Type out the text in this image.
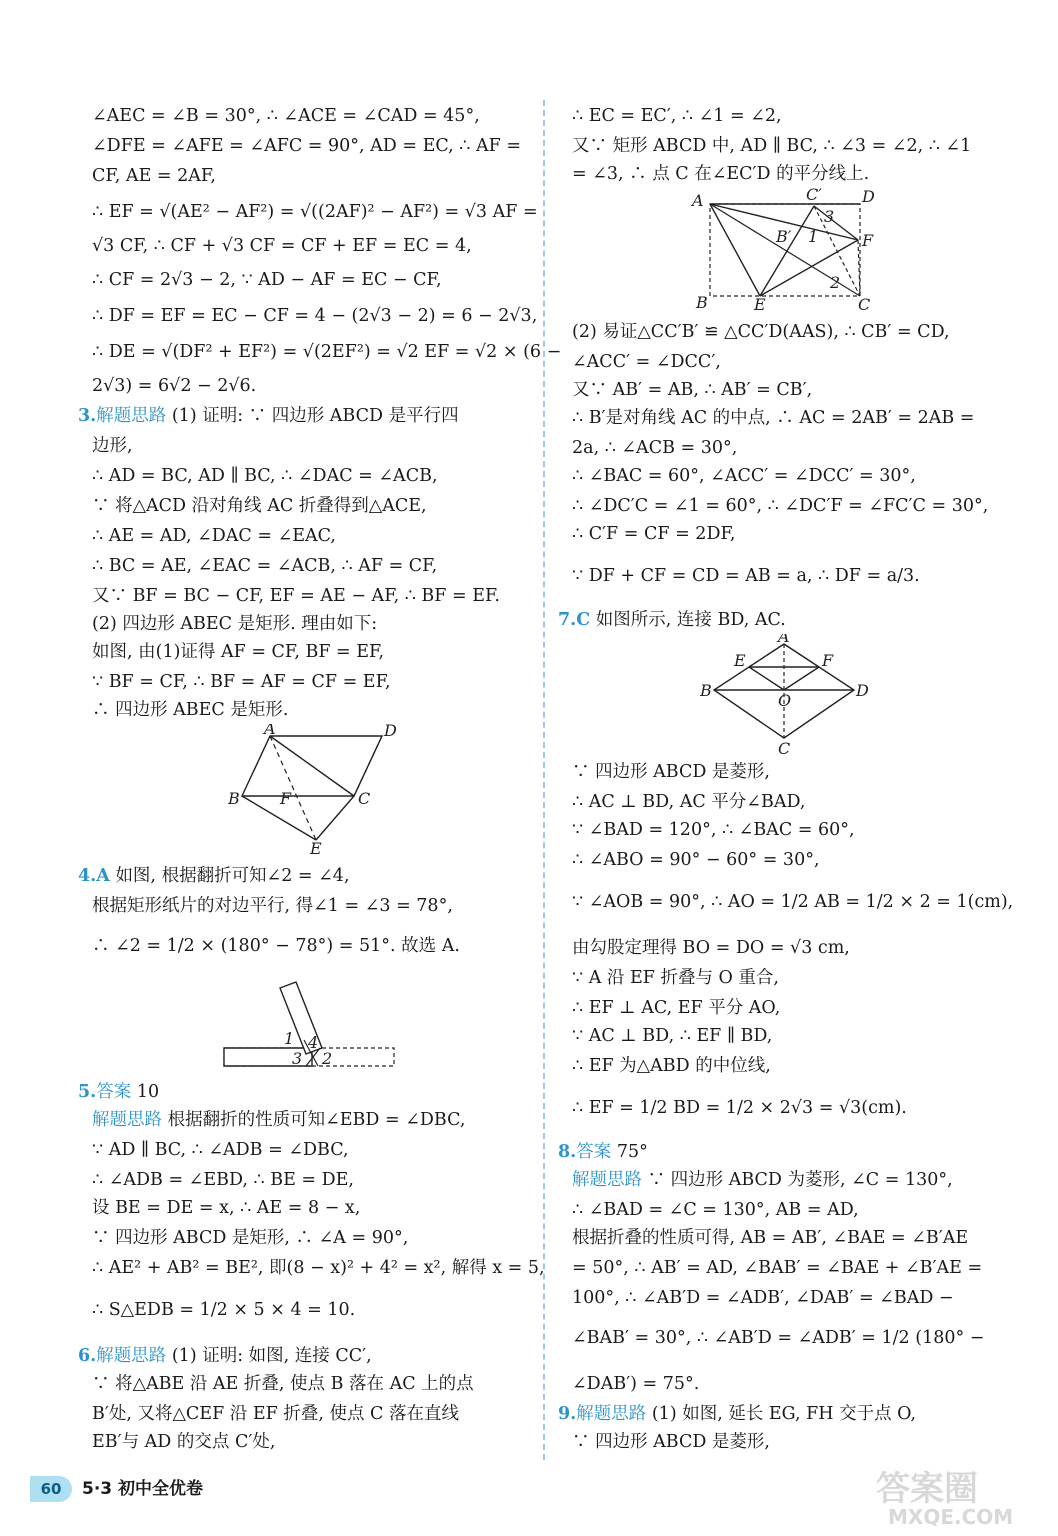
∠AEC = ∠B = 30°, ∴ ∠ACE = ∠CAD = 45°,
∠DFE = ∠AFE = ∠AFC = 90°, AD = EC, ∴ AF =
CF, AE = 2AF,
∴ EF = √(AE² − AF²) = √((2AF)² − AF²) = √3 AF =
√3 CF, ∴ CF + √3 CF = CF + EF = EC = 4,
∴ CF = 2√3 − 2, ∵ AD − AF = EC − CF,
∴ DF = EF = EC − CF = 4 − (2√3 − 2) = 6 − 2√3,
∴ DE = √(DF² + EF²) = √(2EF²) = √2 EF = √2 × (6 −
2√3) = 6√2 − 2√6.
3.解题思路 (1) 证明: ∵ 四边形 ABCD 是平行四
边形,
∴ AD = BC, AD ∥ BC, ∴ ∠DAC = ∠ACB,
∵ 将△ACD 沿对角线 AC 折叠得到△ACE,
∴ AE = AD, ∠DAC = ∠EAC,
∴ BC = AE, ∠EAC = ∠ACB, ∴ AF = CF,
又∵ BF = BC − CF, EF = AE − AF, ∴ BF = EF.
(2) 四边形 ABEC 是矩形. 理由如下:
如图, 由(1)证得 AF = CF, BF = EF,
∵ BF = CF, ∴ BF = AF = CF = EF,
∴ 四边形 ABEC 是矩形.
A	D
B	F	C
E
4.A 如图, 根据翻折可知∠2 = ∠4,
根据矩形纸片的对边平行, 得∠1 = ∠3 = 78°,
∴ ∠2 = 1/2 × (180° − 78°) = 51°. 故选 A.
1 4
3 2
5.答案 10
解题思路 根据翻折的性质可知∠EBD = ∠DBC,
∵ AD ∥ BC, ∴ ∠ADB = ∠DBC,
∴ ∠ADB = ∠EBD, ∴ BE = DE,
设 BE = DE = x, ∴ AE = 8 − x,
∵ 四边形 ABCD 是矩形, ∴ ∠A = 90°,
∴ AE² + AB² = BE², 即(8 − x)² + 4² = x², 解得 x = 5,
∴ S△EDB = 1/2 × 5 × 4 = 10.
6.解题思路 (1) 证明: 如图, 连接 CC′,
∵ 将△ABE 沿 AE 折叠, 使点 B 落在 AC 上的点
B′处, 又将△CEF 沿 EF 折叠, 使点 C 落在直线
EB′与 AD 的交点 C′处,
∴ EC = EC′, ∴ ∠1 = ∠2,
又∵ 矩形 ABCD 中, AD ∥ BC, ∴ ∠3 = ∠2, ∴ ∠1
= ∠3, ∴ 点 C 在∠EC′D 的平分线上.
A	C′	D
3
B′ 1	F
2
B	E	C
(2) 易证△CC′B′ ≌ △CC′D(AAS), ∴ CB′ = CD,
∠ACC′ = ∠DCC′,
又∵ AB′ = AB, ∴ AB′ = CB′,
∴ B′是对角线 AC 的中点, ∴ AC = 2AB′ = 2AB =
2a, ∴ ∠ACB = 30°,
∴ ∠BAC = 60°, ∠ACC′ = ∠DCC′ = 30°,
∴ ∠DC′C = ∠1 = 60°, ∴ ∠DC′F = ∠FC′C = 30°,
∴ C′F = CF = 2DF,
∵ DF + CF = CD = AB = a, ∴ DF = a/3.
7.C 如图所示, 连接 BD, AC.
A
E	F
B
O
D
C
∵ 四边形 ABCD 是菱形,
∴ AC ⊥ BD, AC 平分∠BAD,
∵ ∠BAD = 120°, ∴ ∠BAC = 60°,
∴ ∠ABO = 90° − 60° = 30°,
∵ ∠AOB = 90°, ∴ AO = 1/2 AB = 1/2 × 2 = 1(cm),
由勾股定理得 BO = DO = √3 cm,
∵ A 沿 EF 折叠与 O 重合,
∴ EF ⊥ AC, EF 平分 AO,
∵ AC ⊥ BD, ∴ EF ∥ BD,
∴ EF 为△ABD 的中位线,
∴ EF = 1/2 BD = 1/2 × 2√3 = √3(cm).
8.答案 75°
解题思路 ∵ 四边形 ABCD 为菱形, ∠C = 130°,
∴ ∠BAD = ∠C = 130°, AB = AD,
根据折叠的性质可得, AB = AB′, ∠BAE = ∠B′AE
= 50°, ∴ AB′ = AD, ∠BAB′ = ∠BAE + ∠B′AE =
100°, ∴ ∠AB′D = ∠ADB′, ∠DAB′ = ∠BAD −
∠BAB′ = 30°, ∴ ∠AB′D = ∠ADB′ = 1/2 (180° −
∠DAB′) = 75°.
9.解题思路 (1) 如图, 延长 EG, FH 交于点 O,
∵ 四边形 ABCD 是菱形,
60	5·3 初中全优卷	答案圈
MXQE.COM
